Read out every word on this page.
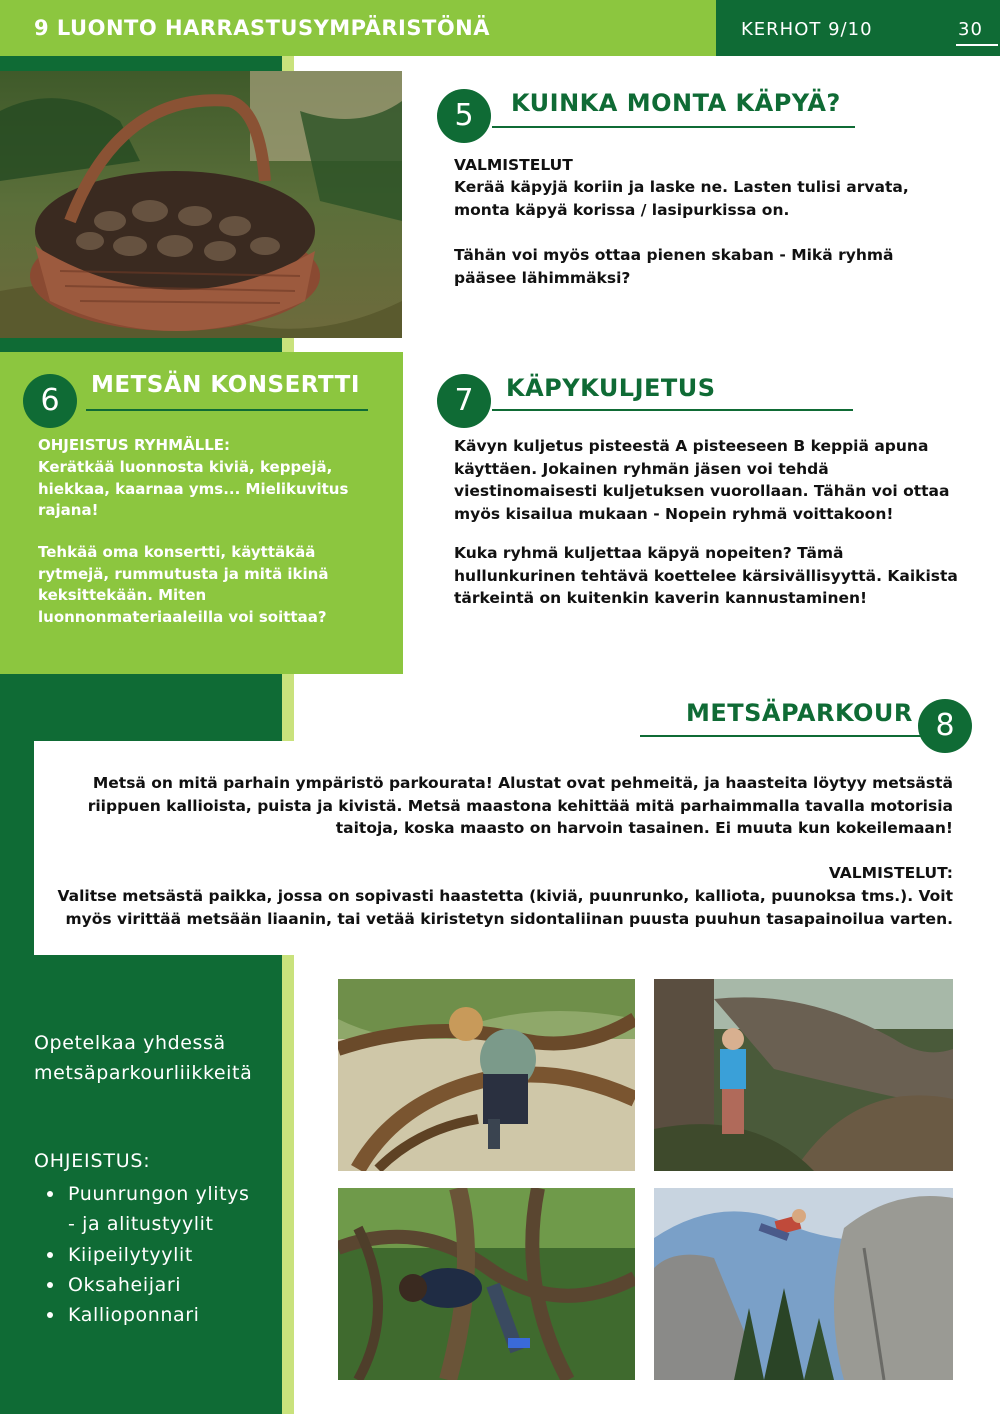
9 LUONTO HARRASTUSYMPÄRISTÖNÄ	KERHOT 9/10	30
5	KUINKA MONTA KÄPYÄ?
VALMISTELUT
Kerää käpyjä koriin ja laske ne. Lasten tulisi arvata, monta käpyä korissa / lasipurkissa on.
Tähän voi myös ottaa pienen skaban - Mikä ryhmä pääsee lähimmäksi?
6	METSÄN KONSERTTI
OHJEISTUS RYHMÄLLE:
Kerätkää luonnosta kiviä, keppejä, hiekkaa, kaarnaa yms... Mielikuvitus rajana!
Tehkää oma konsertti, käyttäkää rytmejä, rummutusta ja mitä ikinä keksittekään. Miten luonnonmateriaaleilla voi soittaa?
7	KÄPYKULJETUS
Kävyn kuljetus pisteestä A pisteeseen B keppiä apuna käyttäen. Jokainen ryhmän jäsen voi tehdä viestinomaisesti kuljetuksen vuorollaan. Tähän voi ottaa myös kisailua mukaan - Nopein ryhmä voittakoon!
Kuka ryhmä kuljettaa käpyä nopeiten? Tämä hullunkurinen tehtävä koettelee kärsivällisyyttä. Kaikista tärkeintä on kuitenkin kaverin kannustaminen!
METSÄPARKOUR 8
Metsä on mitä parhain ympäristö parkourata! Alustat ovat pehmeitä, ja haasteita löytyy metsästä riippuen kallioista, puista ja kivistä. Metsä maastona kehittää mitä parhaimmalla tavalla motorisia taitoja, koska maasto on harvoin tasainen. Ei muuta kun kokeilemaan!
VALMISTELUT:
Valitse metsästä paikka, jossa on sopivasti haastetta (kiviä, puunrunko, kalliota, puunoksa tms.). Voit myös virittää metsään liaanin, tai vetää kiristetyn sidontaliinan puusta puuhun tasapainoilua varten.
Opetelkaa yhdessä metsäparkourliikkeitä
OHJEISTUS:
Puunrungon ylitys
- ja alitustyylit
Kiipeilytyylit
Oksaheijari
Kallioponnari
